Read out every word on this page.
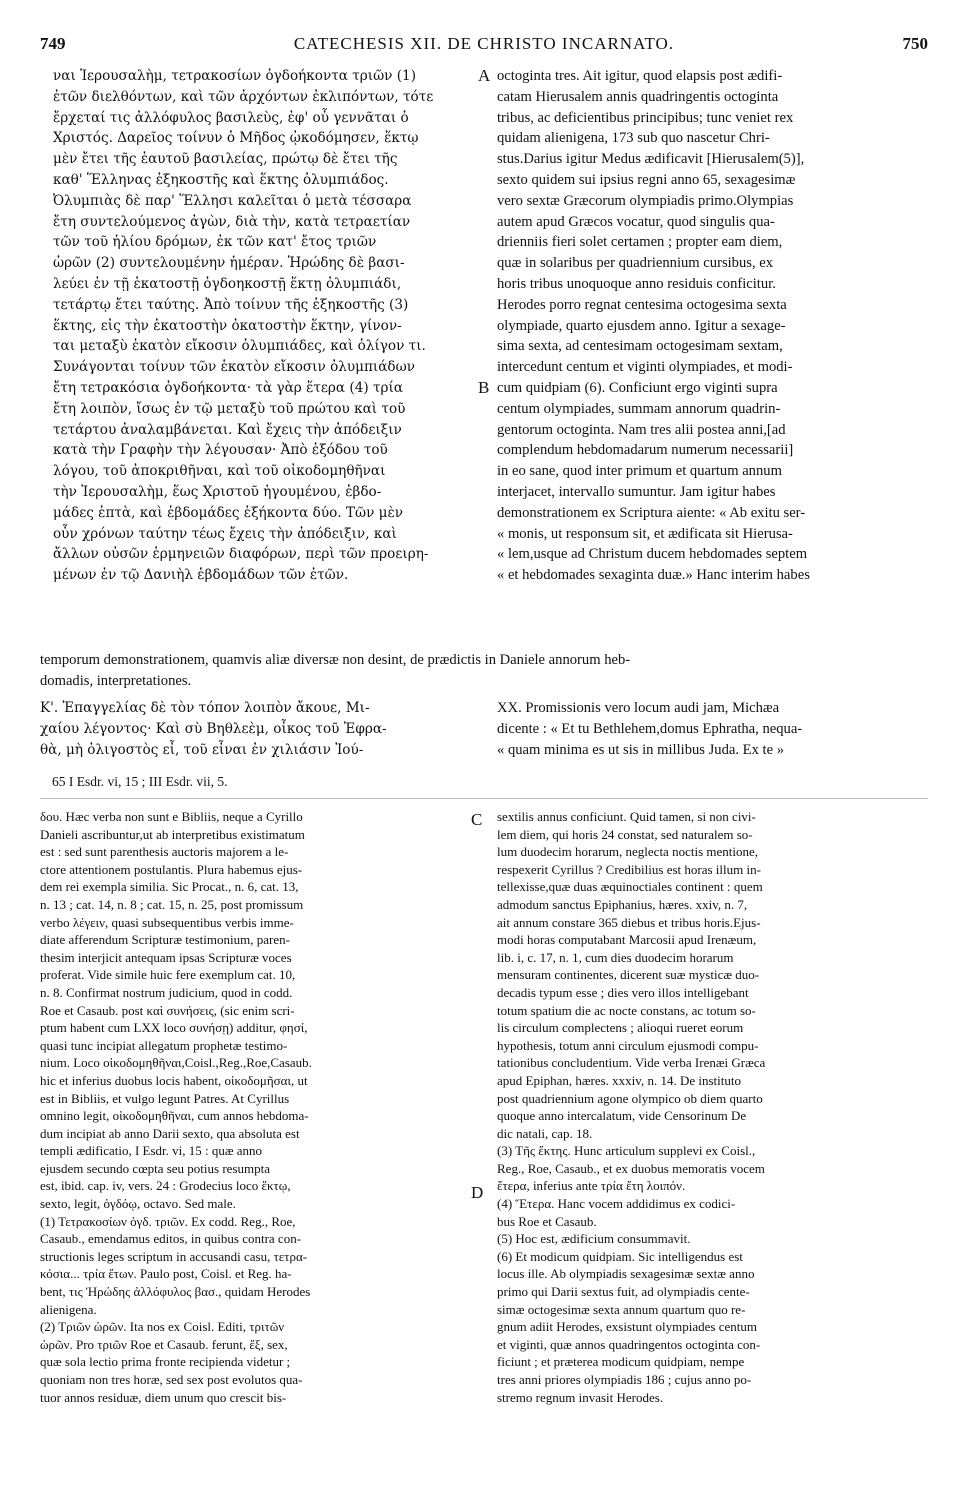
749	CATECHESIS XII. DE CHRISTO INCARNATO.	750
ναι Ἱερουσαλὴμ, τετρακοσίων ὀγδοήκοντα τριῶν (1)
ἐτῶν διελθόντων, καὶ τῶν ἀρχόντων ἐκλιπόντων, τότε
ἔρχεταί τις ἀλλόφυλος βασιλεὺς, ἐφ' οὗ γεννᾶται ὁ
Χριστός. Δαρεῖος τοίνυν ὁ Μῆδος ᾠκοδόμησεν, ἕκτῳ
μὲν ἔτει τῆς ἑαυτοῦ βασιλείας, πρώτῳ δὲ ἔτει τῆς
καθ' Ἕλληνας ἑξηκοστῆς καὶ ἕκτης ὀλυμπιάδος.
Ὀλυμπιὰς δὲ παρ' Ἕλλησι καλεῖται ὁ μετὰ τέσσαρα
ἔτη συντελούμενος ἀγὼν, διὰ τὴν, κατὰ τετραετίαν
τῶν τοῦ ἡλίου δρόμων, ἐκ τῶν κατ' ἔτος τριῶν
ὡρῶν (2) συντελουμένην ἡμέραν. Ἡρώδης δὲ βασι-
λεύει ἐν τῇ ἑκατοστῇ ὀγδοηκοστῇ ἕκτῃ ὀλυμπιάδι,
τετάρτῳ ἔτει ταύτης. Ἀπὸ τοίνυν τῆς ἑξηκοστῆς (3)
ἕκτης, εἰς τὴν ἑκατοστὴν ὀκατοστὴν ἕκτην, γίνον-
ται μεταξὺ ἑκατὸν εἴκοσιν ὀλυμπιάδες, καὶ ὀλίγον τι.
Συνάγονται τοίνυν τῶν ἑκατὸν εἴκοσιν ὀλυμπιάδων
ἔτη τετρακόσια ὀγδοήκοντα· τὰ γὰρ ἕτερα (4) τρία
ἔτη λοιπὸν, ἴσως ἐν τῷ μεταξὺ τοῦ πρώτου καὶ τοῦ
τετάρτου ἀναλαμβάνεται. Καὶ ἔχεις τὴν ἀπόδειξιν
κατὰ τὴν Γραφὴν τὴν λέγουσαν· Ἀπὸ ἐξόδου τοῦ
λόγου, τοῦ ἀποκριθῆναι, καὶ τοῦ οἰκοδομηθῆναι
τὴν Ἱερουσαλὴμ, ἕως Χριστοῦ ἡγουμένου, ἑβδο-
μάδες ἑπτὰ, καὶ ἑβδομάδες ἑξήκοντα δύο. Τῶν μὲν
οὖν χρόνων ταύτην τέως ἔχεις τὴν ἀπόδειξιν, καὶ
ἄλλων οὐσῶν ἑρμηνειῶν διαφόρων, περὶ τῶν προειρη-
μένων ἐν τῷ Δανιὴλ ἑβδομάδων τῶν ἐτῶν.
octoginta tres. Ait igitur, quod elapsis post ædifi-
catam Hierusalem annis quadringentis octoginta
tribus, ac deficientibus principibus; tunc veniet rex
quidam alienigena, 173 sub quo nascetur Chri-
stus.Darius igitur Medus ædificavit [Hierusalem(5)],
sexto quidem sui ipsius regni anno 65, sexagesimæ
vero sextæ Græcorum olympiadis primo.Olympias
autem apud Græcos vocatur, quod singulis qua-
drienniis fieri solet certamen ; propter eam diem,
quæ in solaribus per quadriennium cursibus, ex
horis tribus unoquoque anno residuis conficitur.
Herodes porro regnat centesima octogesima sexta
olympiade, quarto ejusdem anno. Igitur a sexage-
sima sexta, ad centesimam octogesimam sextam,
intercedunt centum et viginti olympiades, et modi-
cum quidpiam (6). Conficiunt ergo viginti supra
centum olympiades, summam annorum quadrin-
gentorum octoginta. Nam tres alii postea anni,[ad
complendum hebdomadarum numerum necessarii]
in eo sane, quod inter primum et quartum annum
interjacet, intervallo sumuntur. Jam igitur habes
demonstrationem ex Scriptura aiente: « Ab exitu ser-
« monis, ut responsum sit, et ædificata sit Hierusa-
« lem,usque ad Christum ducem hebdomades septem
« et hebdomades sexaginta duæ.» Hanc interim habes
A
B
C
D
temporum demonstrationem, quamvis aliæ diversæ non desint, de prædictis in Daniele annorum heb-
domadis, interpretationes.
Κ'. Ἐπαγγελίας δὲ τὸν τόπον λοιπὸν ἄκουε, Μι-
χαίου λέγοντος· Καὶ σὺ Βηθλεὲμ, οἶκος τοῦ Ἐφρα-
θὰ, μὴ ὀλιγοστὸς εἶ, τοῦ εἶναι ἐν χιλιάσιν Ἰού-
XX. Promissionis vero locum audi jam, Michæa
dicente : « Et tu Bethlehem,domus Ephratha, nequa-
« quam minima es ut sis in millibus Juda. Ex te »
65 I Esdr. vi, 15 ; III Esdr. vii, 5.
δου. Hæc verba non sunt e Bibliis, neque a Cyrillo
Danieli ascribuntur,ut ab interpretibus existimatum
est : sed sunt parenthesis auctoris majorem a le-
ctore attentionem postulantis. Plura habemus ejus-
dem rei exempla similia. Sic Procat., n. 6, cat. 13,
n. 13 ; cat. 14, n. 8 ; cat. 15, n. 25, post promissum
verbo λέγειν, quasi subsequentibus verbis imme-
diate afferendum Scripturæ testimonium, paren-
thesim interjicit antequam ipsas Scripturæ voces
proferat. Vide simile huic fere exemplum cat. 10,
n. 8. Confirmat nostrum judicium, quod in codd.
Roe et Casaub. post καὶ συνήσεις, (sic enim scri-
ptum habent cum LXX loco συνήσῃ) additur, φησί,
quasi tunc incipiat allegatum prophetæ testimo-
nium. Loco οἰκοδομηθῆναι,Coisl.,Reg.,Roe,Casaub.
hic et inferius duobus locis habent, οἰκοδομῆσαι, ut
est in Bibliis, et vulgo legunt Patres. At Cyrillus
omnino legit, οἰκοδομηθῆναι, cum annos hebdoma-
dum incipiat ab anno Darii sexto, qua absoluta est
templi ædificatio, I Esdr. vi, 15 : quæ anno
ejusdem secundo cœpta seu potius resumpta
est, ibid. cap. iv, vers. 24 : Grodecius loco ἕκτῳ,
sexto, legit, ὀγδόῳ, octavo. Sed male.
(1) Τετρακοσίων ὀγδ. τριῶν. Ex codd. Reg., Roe,
Casaub., emendamus editos, in quibus contra con-
structionis leges scriptum in accusandi casu, τετρα-
κόσια... τρία ἔτων. Paulo post, Coisl. et Reg. ha-
bent, τις Ἡρώδης ἀλλόφυλος βασ., quidam Herodes
alienigena.
(2) Τριῶν ὡρῶν. Ita nos ex Coisl. Editi, τριτῶν
ὡρῶν. Pro τριῶν Roe et Casaub. ferunt, ἕξ, sex,
quæ sola lectio prima fronte recipienda videtur ;
quoniam non tres horæ, sed sex post evolutos qua-
tuor annos residuæ, diem unum quo crescit bis-
sextilis annus conficiunt. Quid tamen, si non civi-
lem diem, qui horis 24 constat, sed naturalem so-
lum duodecim horarum, neglecta noctis mentione,
respexerit Cyrillus ? Credibilius est horas illum in-
tellexisse,quæ duas æquinoctiales continent : quem
admodum sanctus Epiphanius, hæres. xxiv, n. 7,
ait annum constare 365 diebus et tribus horis.Ejus-
modi horas computabant Marcosii apud Irenæum,
lib. i, c. 17, n. 1, cum dies duodecim horarum
mensuram continentes, dicerent suæ mysticæ duo-
decadis typum esse ; dies vero illos intelligebant
totum spatium die ac nocte constans, ac totum so-
lis circulum complectens ; alioqui rueret eorum
hypothesis, totum anni circulum ejusmodi compu-
tationibus concludentium. Vide verba Irenæi Græca
apud Epiphan, hæres. xxxiv, n. 14. De instituto
post quadriennium agone olympico ob diem quarto
quoque anno intercalatum, vide Censorinum De
dic natali, cap. 18.
(3) Τῆς ἕκτης. Hunc articulum supplevi ex Coisl.,
Reg., Roe, Casaub., et ex duobus memoratis vocem
ἕτερα, inferius ante τρία ἔτη λοιπόν.
(4) Ἕτερα. Hanc vocem addidimus ex codici-
bus Roe et Casaub.
(5) Hoc est, ædificium consummavit.
(6) Et modicum quidpiam. Sic intelligendus est
locus ille. Ab olympiadis sexagesimæ sextæ anno
primo qui Darii sextus fuit, ad olympiadis cente-
simæ octogesimæ sexta annum quartum quo re-
gnum adiit Herodes, exsistunt olympiades centum
et viginti, quæ annos quadringentos octoginta con-
ficiunt ; et præterea modicum quidpiam, nempe
tres anni priores olympiadis 186 ; cujus anno po-
stremo regnum invasit Herodes.
